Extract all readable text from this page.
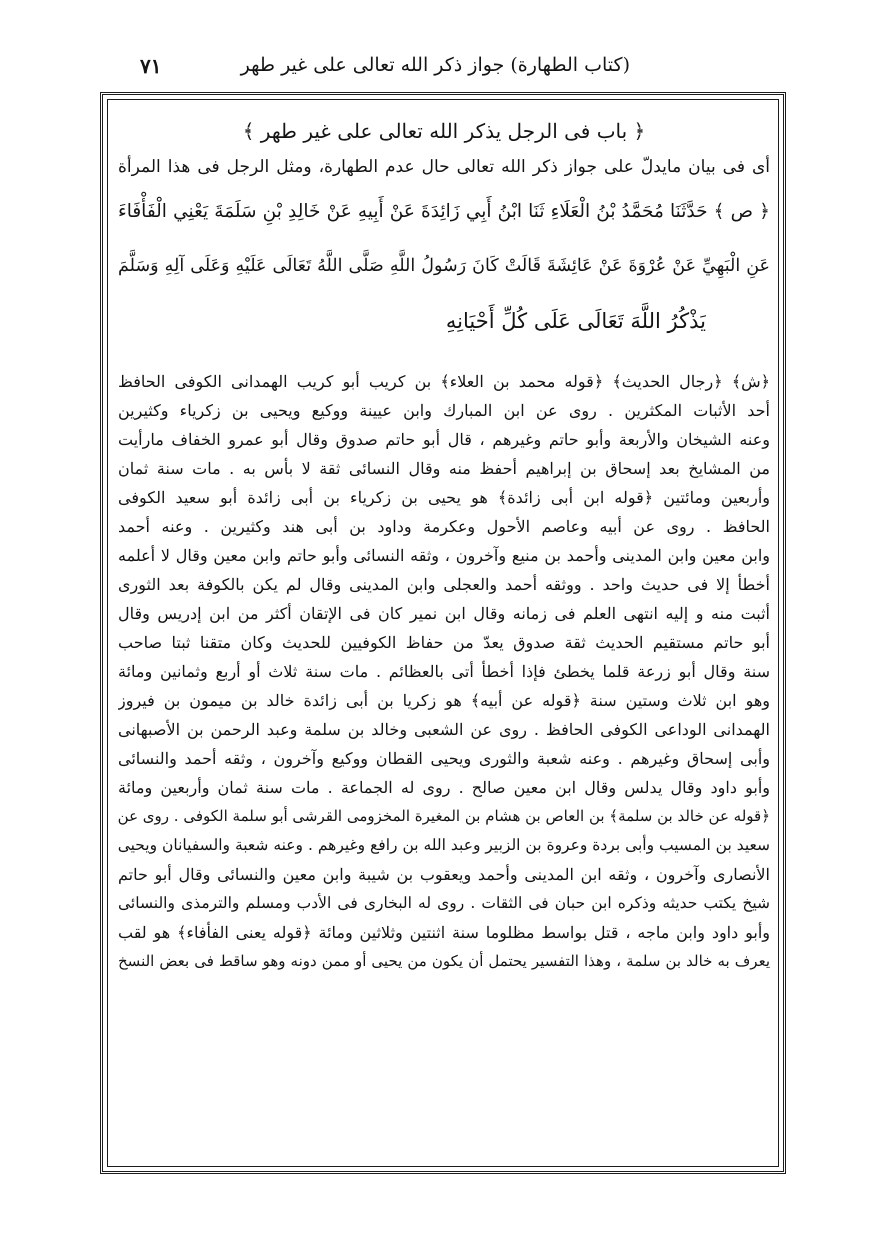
(كتاب الطهارة) جواز ذكر الله تعالى على غير طهر
٧١
﴿ باب فى الرجل يذكر الله تعالى على غير طهر ﴾
أى فى بيان مايدلّ على جواز ذكر الله تعالى حال عدم الطهارة، ومثل الرجل فى هذا المرأة
﴿ ص ﴾ حَدَّثَنَا مُحَمَّدُ بْنُ الْعَلَاءِ ثَنَا ابْنُ أَبِي زَائِدَةَ عَنْ أَبِيهِ عَنْ خَالِدِ بْنِ سَلَمَةَ يَعْنِي الْفَأْفَاءَ
عَنِ الْبَهِيِّ عَنْ عُرْوَةَ عَنْ عَائِشَةَ قَالَتْ كَانَ رَسُولُ اللَّهِ صَلَّى اللَّهُ تَعَالَى عَلَيْهِ وَعَلَى آلِهِ وَسَلَّمَ
يَذْكُرُ اللَّهَ تَعَالَى عَلَى كُلِّ أَحْيَانِهِ
﴿ش﴾ ﴿رجال الحديث﴾ ﴿قوله محمد بن العلاء﴾ بن كريب أبو كريب الهمدانى الكوفى الحافظ
أحد الأثبات المكثرين . روى عن ابن المبارك وابن عيينة ووكيع ويحيى بن زكرياء وكثيرين
وعنه الشيخان والأربعة وأبو حاتم وغيرهم ، قال أبو حاتم صدوق وقال أبو عمرو الخفاف مارأيت
من المشايخ بعد إسحاق بن إبراهيم أحفظ منه وقال النسائى ثقة لا بأس به . مات سنة ثمان
وأربعين ومائتين ﴿قوله ابن أبى زائدة﴾ هو يحيى بن زكرياء بن أبى زائدة أبو سعيد الكوفى
الحافظ . روى عن أبيه وعاصم الأحول وعكرمة وداود بن أبى هند وكثيرين . وعنه أحمد
وابن معين وابن المدينى وأحمد بن منيع وآخرون ، وثقه النسائى وأبو حاتم وابن معين وقال لا أعلمه
أخطأ إلا فى حديث واحد . ووثقه أحمد والعجلى وابن المدينى وقال لم يكن بالكوفة بعد الثورى
أثبت منه و إليه انتهى العلم فى زمانه وقال ابن نمير كان فى الإتقان أكثر من ابن إدريس وقال
أبو حاتم مستقيم الحديث ثقة صدوق يعدّ من حفاظ الكوفيين للحديث وكان متقنا ثبتا صاحب
سنة وقال أبو زرعة قلما يخطئ فإذا أخطأ أتى بالعظائم . مات سنة ثلاث أو أربع وثمانين ومائة
وهو ابن ثلاث وستين سنة ﴿قوله عن أبيه﴾ هو زكريا بن أبى زائدة خالد بن ميمون بن فيروز
الهمدانى الوداعى الكوفى الحافظ . روى عن الشعبى وخالد بن سلمة وعبد الرحمن بن الأصبهانى
وأبى إسحاق وغيرهم . وعنه شعبة والثورى ويحيى القطان ووكيع وآخرون ، وثقه أحمد والنسائى
وأبو داود وقال يدلس وقال ابن معين صالح . روى له الجماعة . مات سنة ثمان وأربعين ومائة
﴿قوله عن خالد بن سلمة﴾ بن العاص بن هشام بن المغيرة المخزومى القرشى أبو سلمة الكوفى . روى عن
سعيد بن المسيب وأبى بردة وعروة بن الزبير وعبد الله بن رافع وغيرهم . وعنه شعبة والسفيانان ويحيى
الأنصارى وآخرون ، وثقه ابن المدينى وأحمد ويعقوب بن شيبة وابن معين والنسائى وقال أبو حاتم
شيخ يكتب حديثه وذكره ابن حبان فى الثقات . روى له البخارى فى الأدب ومسلم والترمذى والنسائى
وأبو داود وابن ماجه ، قتل بواسط مظلوما سنة اثنتين وثلاثين ومائة ﴿قوله يعنى الفأفاء﴾ هو لقب
يعرف به خالد بن سلمة ، وهذا التفسير يحتمل أن يكون من يحيى أو ممن دونه وهو ساقط فى بعض النسخ
